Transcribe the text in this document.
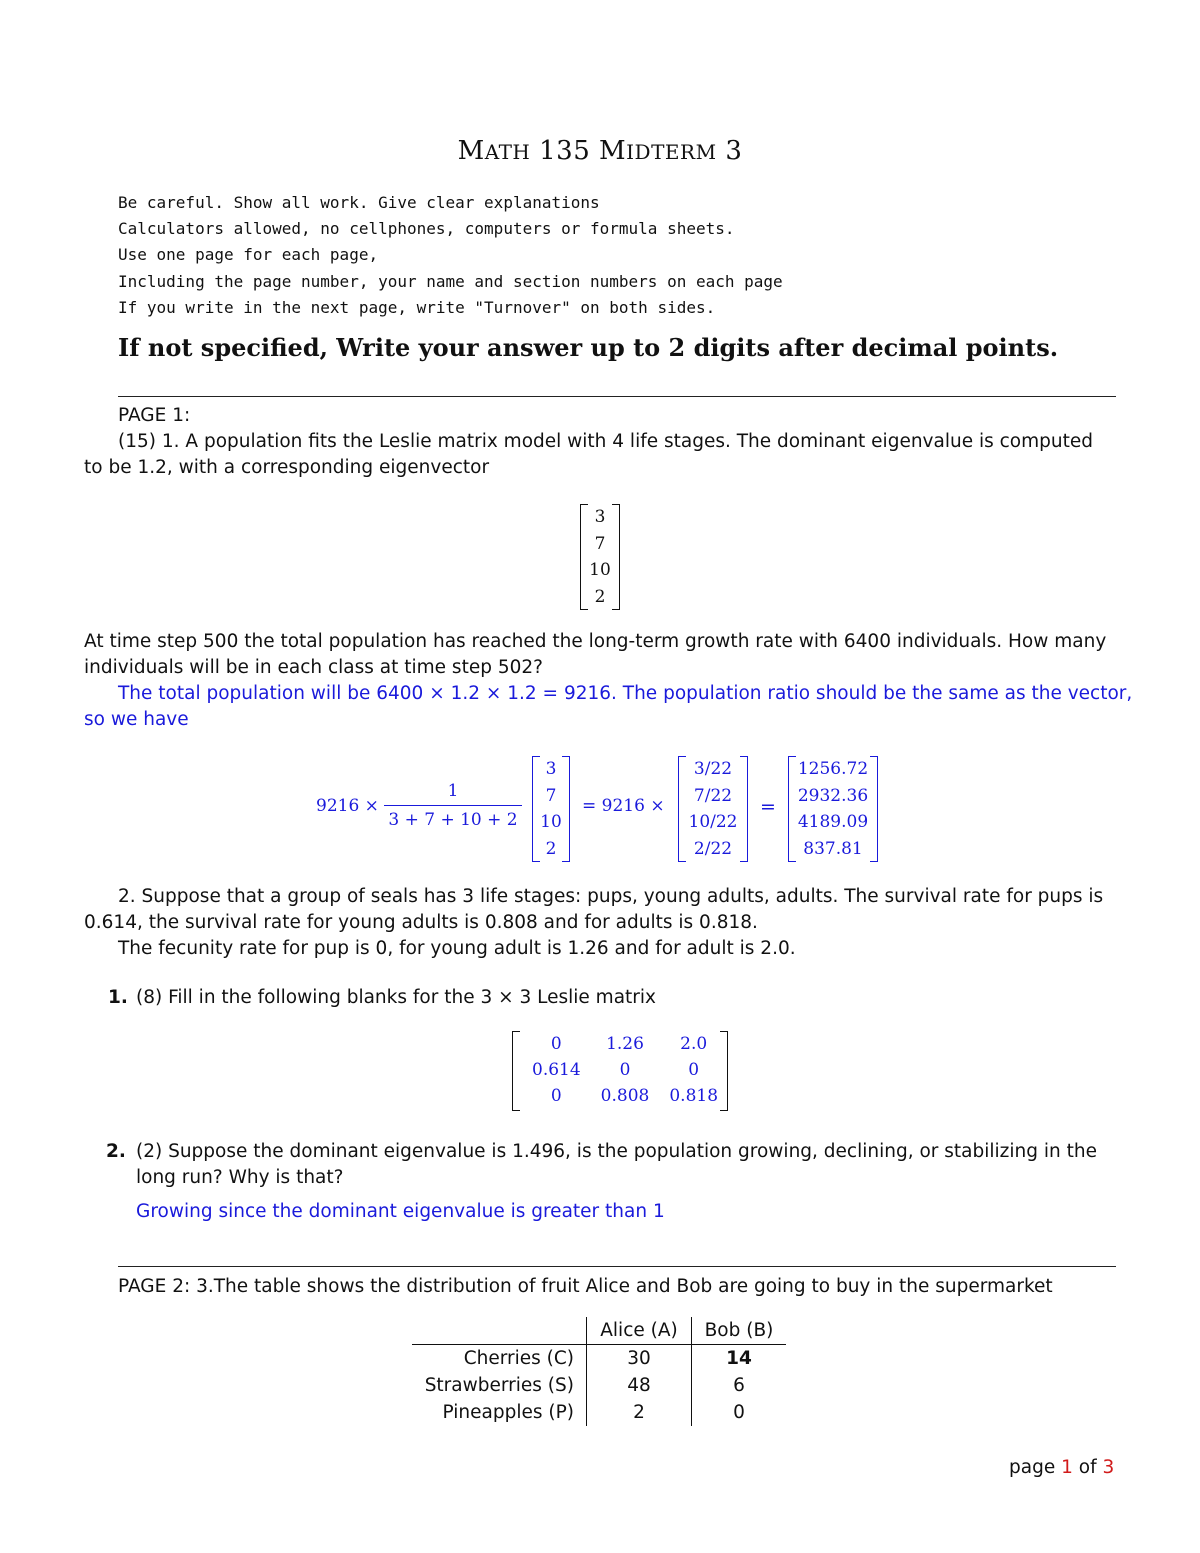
MATH 135 MIDTERM 3
Be careful. Show all work. Give clear explanations
Calculators allowed, no cellphones, computers or formula sheets.
Use one page for each page,
Including the page number, your name and section numbers on each page
If you write in the next page, write "Turnover" on both sides.
If not specified, Write your answer up to 2 digits after decimal points.
PAGE 1:
(15) 1. A population fits the Leslie matrix model with 4 life stages. The dominant eigenvalue is computed
to be 1.2, with a corresponding eigenvector
3
7
10
2
At time step 500 the total population has reached the long-term growth rate with 6400 individuals. How many
individuals will be in each class at time step 502?
The total population will be 6400 × 1.2 × 1.2 = 9216. The population ratio should be the same as the vector,
so we have
$9216 \times \frac{1}{3 + 7 + 10 + 2}$
3
7
10
2
= 9216 ×
3/22
7/22
10/22
2/22
=
1256.72
2932.36
4189.09
837.81
2. Suppose that a group of seals has 3 life stages: pups, young adults, adults. The survival rate for pups is
0.614, the survival rate for young adults is 0.808 and for adults is 0.818.
The fecunity rate for pup is 0, for young adult is 1.26 and for adult is 2.0.
1. (8) Fill in the following blanks for the 3 × 3 Leslie matrix
0	1.26	2.0
0.614	0	0
0	0.808	0.818
2. (2) Suppose the dominant eigenvalue is 1.496, is the population growing, declining, or stabilizing in the
long run? Why is that?
Growing since the dominant eigenvalue is greater than 1
PAGE 2: 3.The table shows the distribution of fruit Alice and Bob are going to buy in the supermarket
	Alice (A)	Bob (B)
Cherries (C)	30	14
Strawberries (S)	48	6
Pineapples (P)	2	0
page 1 of 3
